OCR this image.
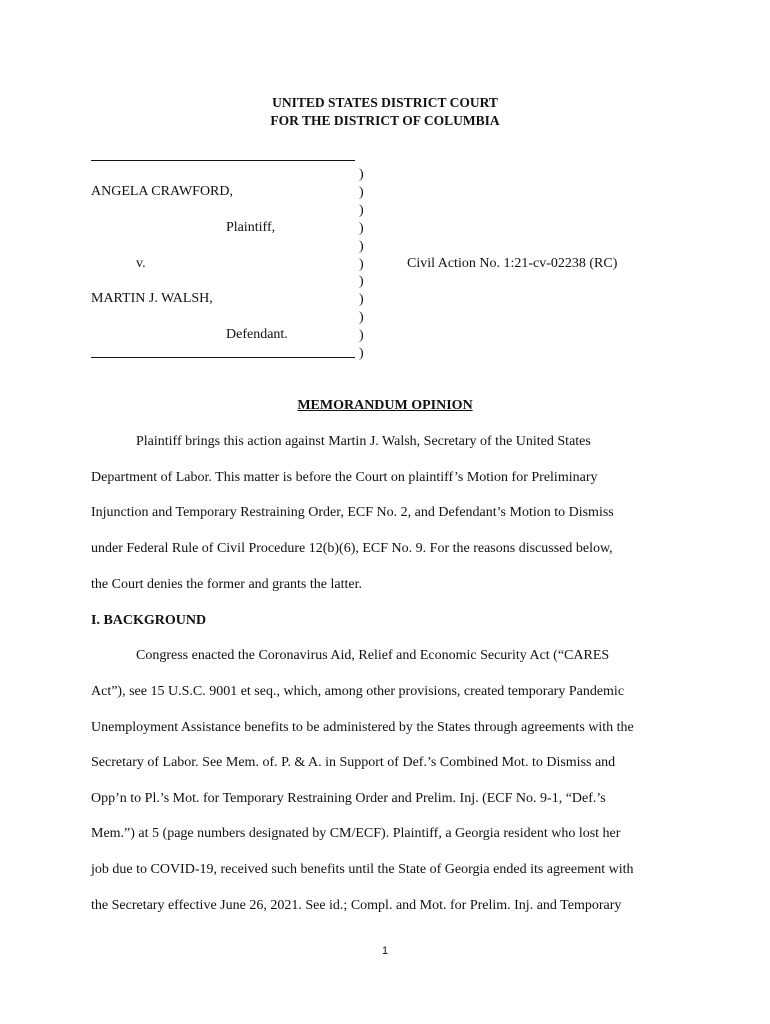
UNITED STATES DISTRICT COURT
FOR THE DISTRICT OF COLUMBIA
)
)
)
)
)
)
)
)
)
)
)
ANGELA CRAWFORD,
Plaintiff,
v.
MARTIN J. WALSH,
Defendant.
Civil Action No. 1:21-cv-02238 (RC)
MEMORANDUM OPINION
Plaintiff brings this action against Martin J. Walsh, Secretary of the United States
Department of Labor. This matter is before the Court on plaintiff’s Motion for Preliminary
Injunction and Temporary Restraining Order, ECF No. 2, and Defendant’s Motion to Dismiss
under Federal Rule of Civil Procedure 12(b)(6), ECF No. 9. For the reasons discussed below,
the Court denies the former and grants the latter.
I. BACKGROUND
Congress enacted the Coronavirus Aid, Relief and Economic Security Act (“CARES
Act”), see 15 U.S.C. 9001 et seq., which, among other provisions, created temporary Pandemic
Unemployment Assistance benefits to be administered by the States through agreements with the
Secretary of Labor. See Mem. of. P. & A. in Support of Def.’s Combined Mot. to Dismiss and
Opp’n to Pl.’s Mot. for Temporary Restraining Order and Prelim. Inj. (ECF No. 9-1, “Def.’s
Mem.”) at 5 (page numbers designated by CM/ECF). Plaintiff, a Georgia resident who lost her
job due to COVID-19, received such benefits until the State of Georgia ended its agreement with
the Secretary effective June 26, 2021. See id.; Compl. and Mot. for Prelim. Inj. and Temporary
1
